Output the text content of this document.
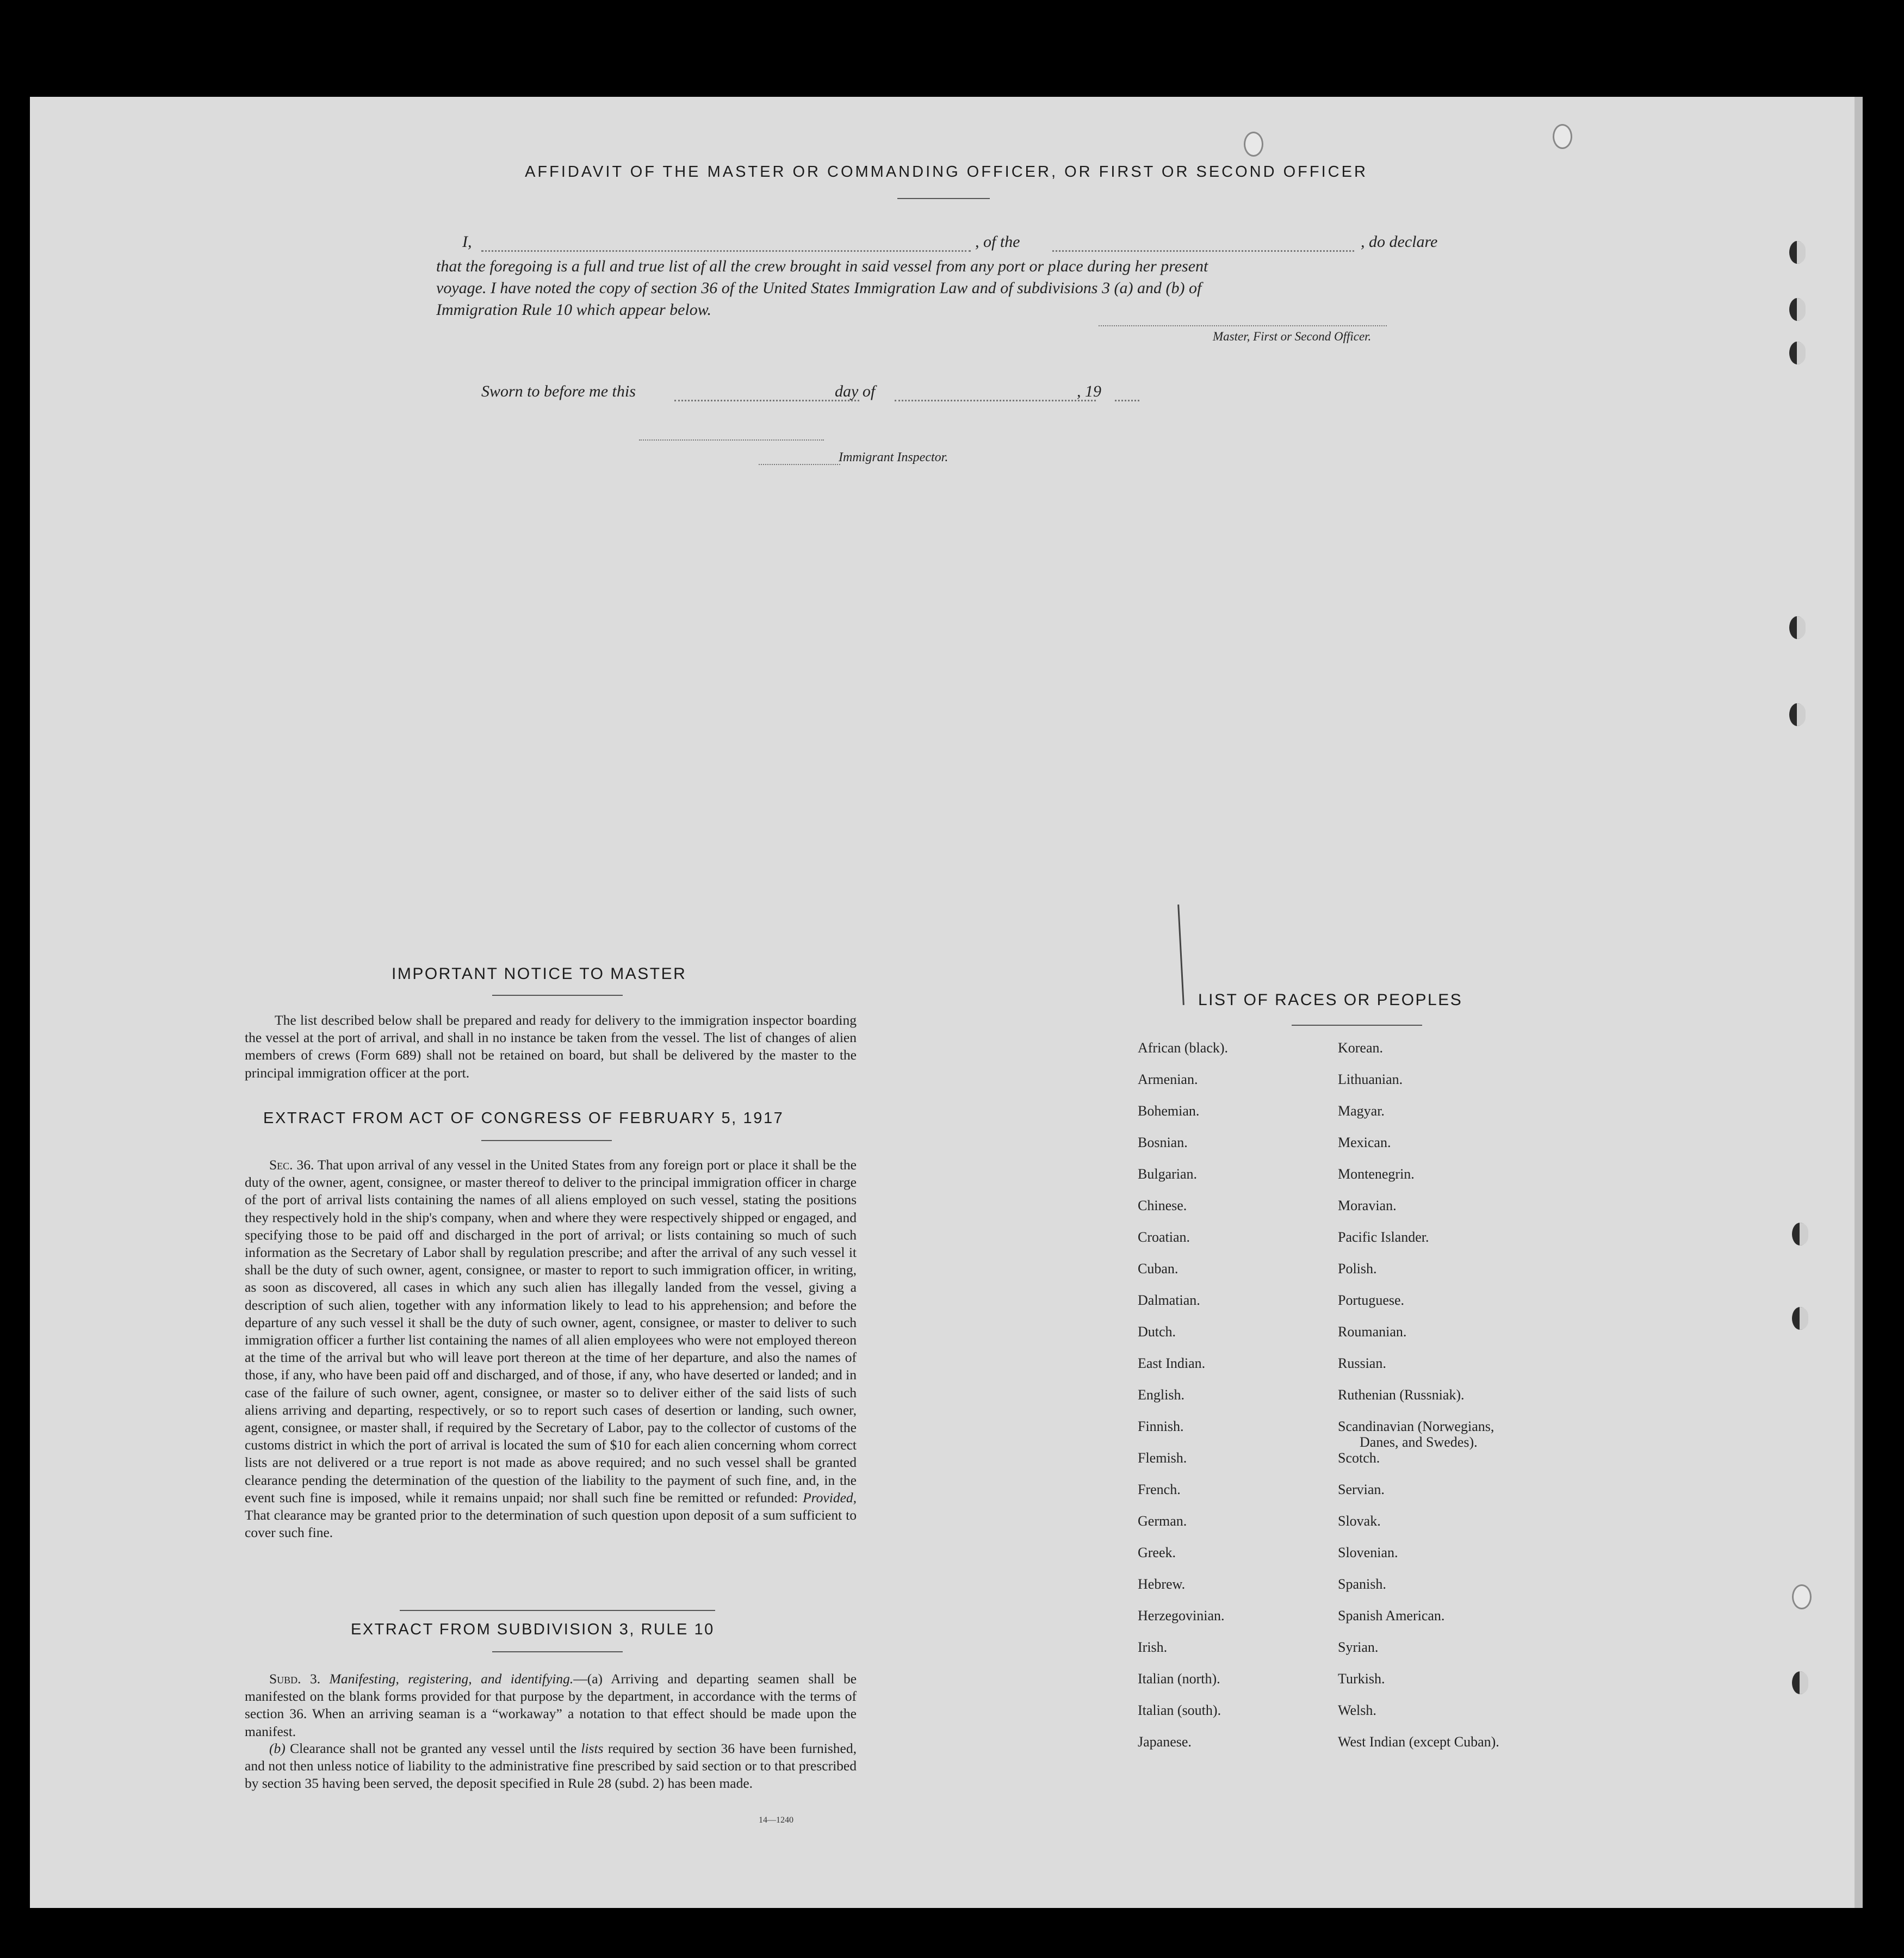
AFFIDAVIT OF THE MASTER OR COMMANDING OFFICER, OR FIRST OR SECOND OFFICER
I,	, of the	, do declare
that the foregoing is a full and true list of all the crew brought in said vessel from any port or place during her present
voyage. I have noted the copy of section 36 of the United States Immigration Law and of subdivisions 3 (a) and (b) of
Immigration Rule 10 which appear below.
Master, First or Second Officer.
Sworn to before me this	day of	, 19
Immigrant Inspector.
IMPORTANT NOTICE TO MASTER
The list described below shall be prepared and ready for delivery to the immigration inspector boarding the vessel at the port of arrival, and shall in no instance be taken from the vessel. The list of changes of alien members of crews (Form 689) shall not be retained on board, but shall be delivered by the master to the principal immigration officer at the port.
EXTRACT FROM ACT OF CONGRESS OF FEBRUARY 5, 1917
Sec. 36. That upon arrival of any vessel in the United States from any foreign port or place it shall be the duty of the owner, agent, consignee, or master thereof to deliver to the principal immigration officer in charge of the port of arrival lists containing the names of all aliens employed on such vessel, stating the positions they respectively hold in the ship's company, when and where they were respectively shipped or engaged, and specifying those to be paid off and discharged in the port of arrival; or lists containing so much of such information as the Secretary of Labor shall by regulation prescribe; and after the arrival of any such vessel it shall be the duty of such owner, agent, consignee, or master to report to such immigration officer, in writing, as soon as discovered, all cases in which any such alien has illegally landed from the vessel, giving a description of such alien, together with any information likely to lead to his apprehension; and before the departure of any such vessel it shall be the duty of such owner, agent, consignee, or master to deliver to such immigration officer a further list containing the names of all alien employees who were not employed thereon at the time of the arrival but who will leave port thereon at the time of her departure, and also the names of those, if any, who have been paid off and discharged, and of those, if any, who have deserted or landed; and in case of the failure of such owner, agent, consignee, or master so to deliver either of the said lists of such aliens arriving and departing, respectively, or so to report such cases of desertion or landing, such owner, agent, consignee, or master shall, if required by the Secretary of Labor, pay to the collector of customs of the customs district in which the port of arrival is located the sum of $10 for each alien concerning whom correct lists are not delivered or a true report is not made as above required; and no such vessel shall be granted clearance pending the determination of the question of the liability to the payment of such fine, and, in the event such fine is imposed, while it remains unpaid; nor shall such fine be remitted or refunded: Provided, That clearance may be granted prior to the determination of such question upon deposit of a sum sufficient to cover such fine.
EXTRACT FROM SUBDIVISION 3, RULE 10
Subd. 3. Manifesting, registering, and identifying.—(a) Arriving and departing seamen shall be manifested on the blank forms provided for that purpose by the department, in accordance with the terms of section 36. When an arriving seaman is a “workaway” a notation to that effect should be made upon the manifest.
(b) Clearance shall not be granted any vessel until the lists required by section 36 have been furnished, and not then unless notice of liability to the administrative fine prescribed by said section or to that prescribed by section 35 having been served, the deposit specified in Rule 28 (subd. 2) has been made.
14—1240
LIST OF RACES OR PEOPLES
African (black).
Armenian.
Bohemian.
Bosnian.
Bulgarian.
Chinese.
Croatian.
Cuban.
Dalmatian.
Dutch.
East Indian.
English.
Finnish.
Flemish.
French.
German.
Greek.
Hebrew.
Herzegovinian.
Irish.
Italian (north).
Italian (south).
Japanese.
Korean.
Lithuanian.
Magyar.
Mexican.
Montenegrin.
Moravian.
Pacific Islander.
Polish.
Portuguese.
Roumanian.
Russian.
Ruthenian (Russniak).
Scandinavian (Norwegians,
Danes, and Swedes).
Scotch.
Servian.
Slovak.
Slovenian.
Spanish.
Spanish American.
Syrian.
Turkish.
Welsh.
West Indian (except Cuban).
